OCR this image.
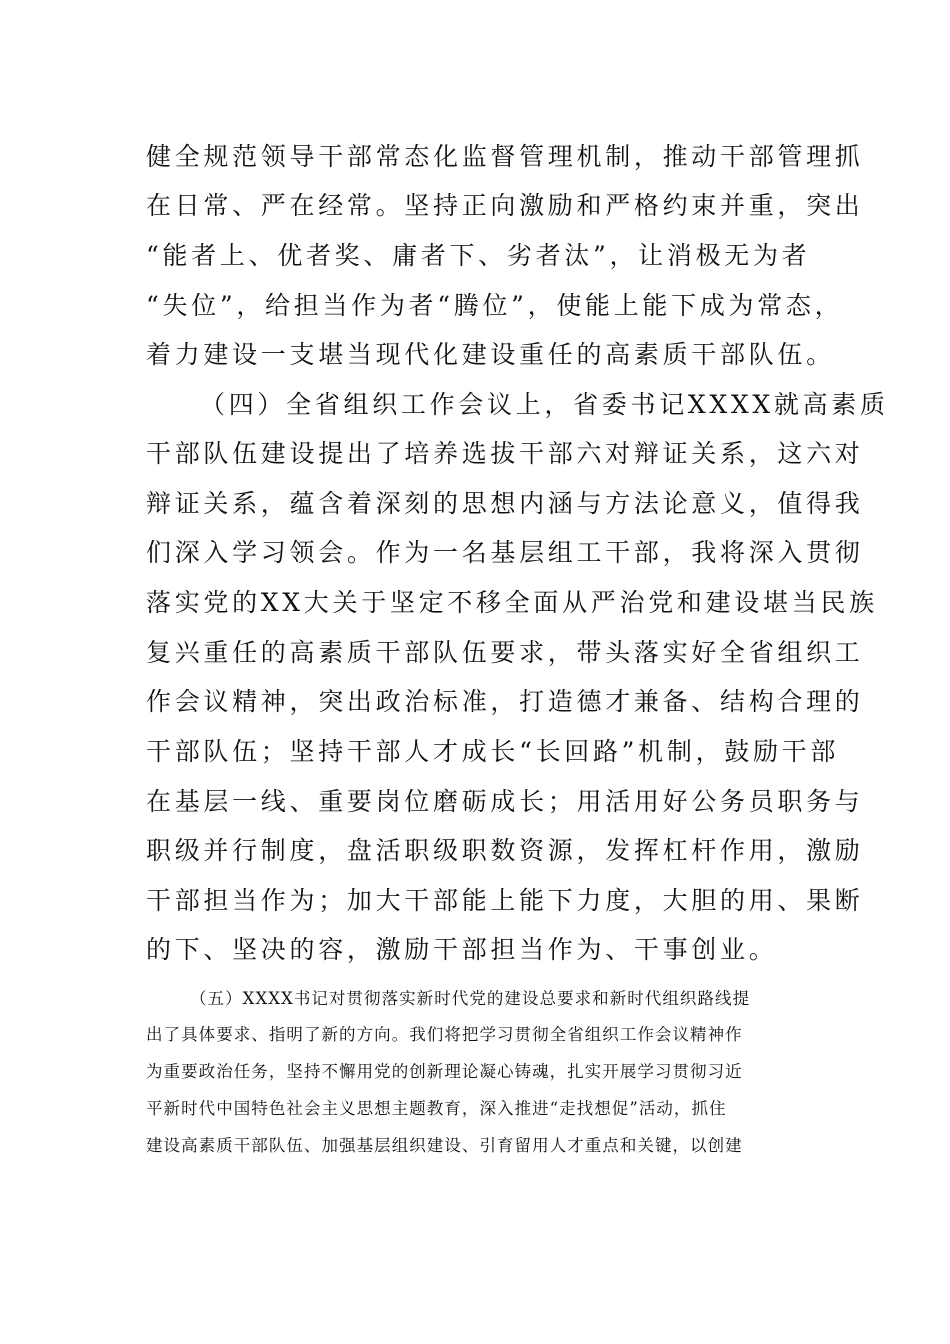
健全规范领导干部常态化监督管理机制，推动干部管理抓
在日常、严在经常。坚持正向激励和严格约束并重，突出
“能者上、优者奖、庸者下、劣者汰”，让消极无为者
“失位”，给担当作为者“腾位”，使能上能下成为常态，
着力建设一支堪当现代化建设重任的高素质干部队伍。
（四）全省组织工作会议上，省委书记XXXX就高素质
干部队伍建设提出了培养选拔干部六对辩证关系，这六对
辩证关系，蕴含着深刻的思想内涵与方法论意义，值得我
们深入学习领会。作为一名基层组工干部，我将深入贯彻
落实党的XX大关于坚定不移全面从严治党和建设堪当民族
复兴重任的高素质干部队伍要求，带头落实好全省组织工
作会议精神，突出政治标准，打造德才兼备、结构合理的
干部队伍；坚持干部人才成长“长回路”机制，鼓励干部
在基层一线、重要岗位磨砺成长；用活用好公务员职务与
职级并行制度，盘活职级职数资源，发挥杠杆作用，激励
干部担当作为；加大干部能上能下力度，大胆的用、果断
的下、坚决的容，激励干部担当作为、干事创业。
（五）XXXX书记对贯彻落实新时代党的建设总要求和新时代组织路线提
出了具体要求、指明了新的方向。我们将把学习贯彻全省组织工作会议精神作
为重要政治任务，坚持不懈用党的创新理论凝心铸魂，扎实开展学习贯彻习近
平新时代中国特色社会主义思想主题教育，深入推进“走找想促”活动，抓住
建设高素质干部队伍、加强基层组织建设、引育留用人才重点和关键，以创建
